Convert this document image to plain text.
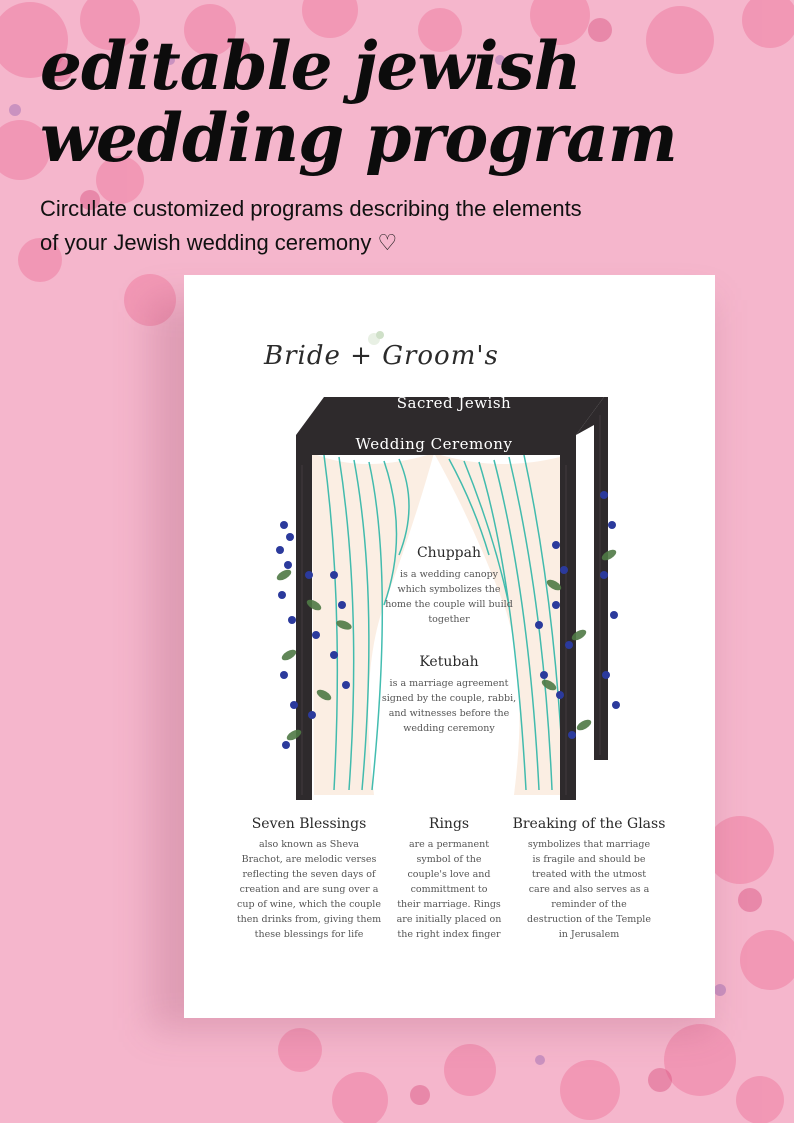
editable jewish
wedding program
Circulate customized programs describing the elements
of your Jewish wedding ceremony ♡
Bride + Groom's
Sacred Jewish
Wedding Ceremony
Chuppah
is a wedding canopy
which symbolizes the
home the couple will build
together
Ketubah
is a marriage agreement
signed by the couple, rabbi,
and witnesses before the
wedding ceremony
Seven Blessings
also known as Sheva
Brachot, are melodic verses
reflecting the seven days of
creation and are sung over a
cup of wine, which the couple
then drinks from, giving them
these blessings for life
Rings
are a permanent
symbol of the
couple's love and
committment to
their marriage. Rings
are initially placed on
the right index finger
Breaking of the Glass
symbolizes that marriage
is fragile and should be
treated with the utmost
care and also serves as a
reminder of the
destruction of the Temple
in Jerusalem
